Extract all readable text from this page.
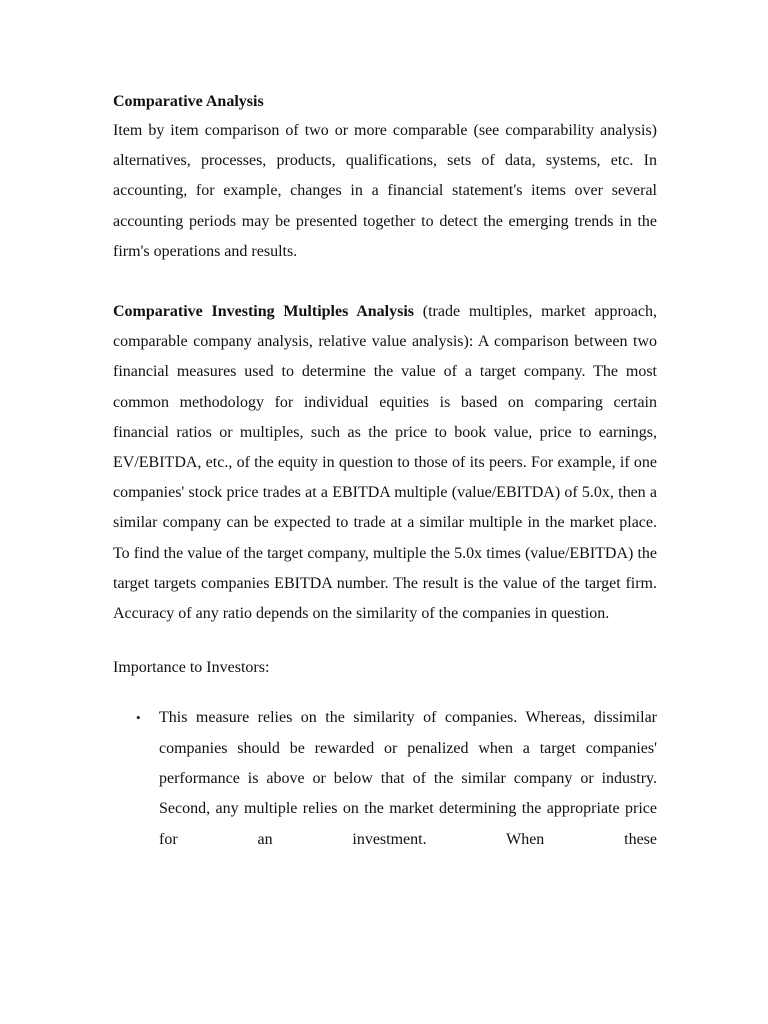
Comparative Analysis

Item by item comparison of two or more comparable (see comparability analysis) alternatives, processes, products, qualifications, sets of data, systems, etc. In accounting, for example, changes in a financial statement's items over several accounting periods may be presented together to detect the emerging trends in the firm's operations and results.

Comparative Investing Multiples Analysis (trade multiples, market approach, comparable company analysis, relative value analysis): A comparison between two financial measures used to determine the value of a target company. The most common methodology for individual equities is based on comparing certain financial ratios or multiples, such as the price to book value, price to earnings, EV/EBITDA, etc., of the equity in question to those of its peers. For example, if one companies' stock price trades at a EBITDA multiple (value/EBITDA) of 5.0x, then a similar company can be expected to trade at a similar multiple in the market place. To find the value of the target company, multiple the 5.0x times (value/EBITDA) the target targets companies EBITDA number. The result is the value of the target firm. Accuracy of any ratio depends on the similarity of the companies in question.

Importance to Investors:

• This measure relies on the similarity of companies. Whereas, dissimilar companies should be rewarded or penalized when a target companies' performance is above or below that of the similar company or industry. Second, any multiple relies on the market determining the appropriate price for an investment. When these
